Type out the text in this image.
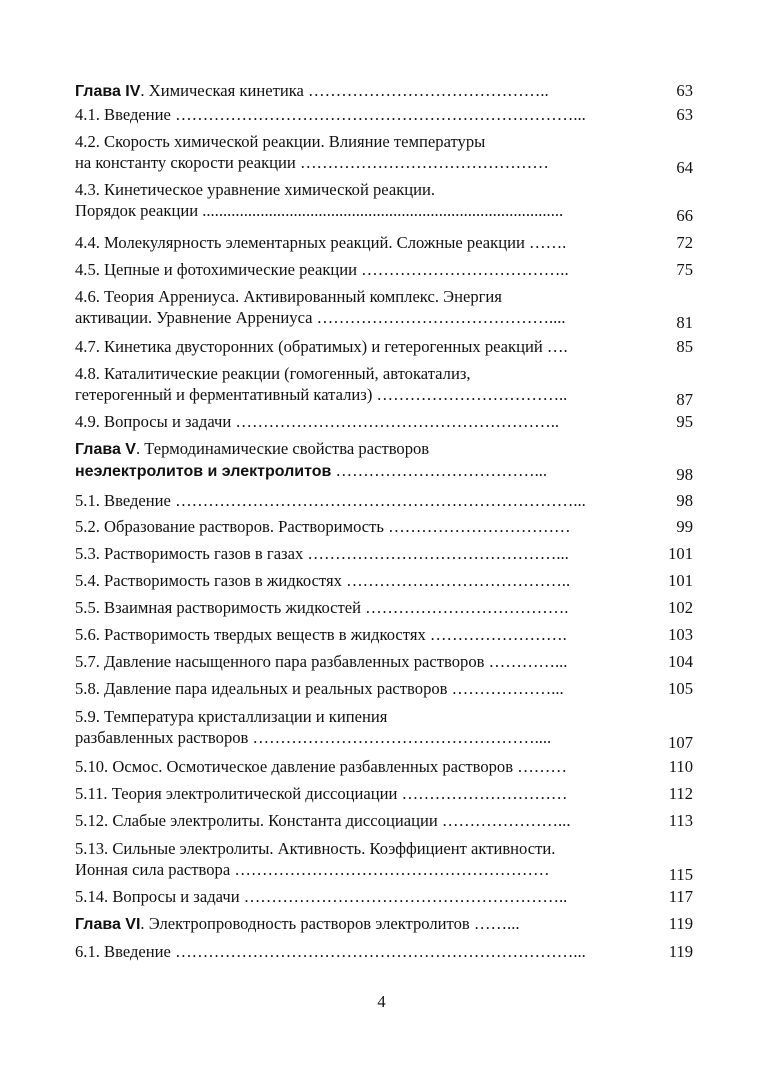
Глава IV. Химическая кинетика ……………………………………..	63
4.1. Введение ………………………………………………………………...	63
4.2. Скорость химической реакции. Влияние температуры
на константу скорости реакции ………………………………………	64
4.3. Кинетическое уравнение химической реакции.
Порядок реакции .......................................................................................	66
4.4. Молекулярность элементарных реакций. Сложные реакции …….	72
4.5. Цепные и фотохимические реакции ………………………………..	75
4.6. Теория Аррениуса. Активированный комплекс. Энергия
активации. Уравнение Аррениуса ……………………………………....	81
4.7. Кинетика двусторонних (обратимых) и гетерогенных реакций ….	85
4.8. Каталитические реакции (гомогенный, автокатализ,
гетерогенный и ферментативный катализ) ……………………………..	87
4.9. Вопросы и задачи …………………………………………………..	95
Глава V. Термодинамические свойства растворов
неэлектролитов и электролитов ………………………………...	98
5.1. Введение ………………………………………………………………...	98
5.2. Образование растворов. Растворимость ……………………………	99
5.3. Растворимость газов в газах ………………………………………...	101
5.4. Растворимость газов в жидкостях …………………………………..	101
5.5. Взаимная растворимость жидкостей ……………………………….	102
5.6. Растворимость твердых веществ в жидкостях …………………….	103
5.7. Давление насыщенного пара разбавленных растворов …………...	104
5.8. Давление пара идеальных и реальных растворов ………………...	105
5.9. Температура кристаллизации и кипения
разбавленных растворов ……………………………………………....	107
5.10. Осмос. Осмотическое давление разбавленных растворов ………	110
5.11. Теория электролитической диссоциации …………………………	112
5.12. Слабые электролиты. Константа диссоциации …………………...	113
5.13. Сильные электролиты. Активность. Коэффициент активности.
Ионная сила раствора …………………………………………………	115
5.14. Вопросы и задачи …………………………………………………..	117
Глава VI. Электропроводность растворов электролитов ……...	119
6.1. Введение ………………………………………………………………...	119
4
